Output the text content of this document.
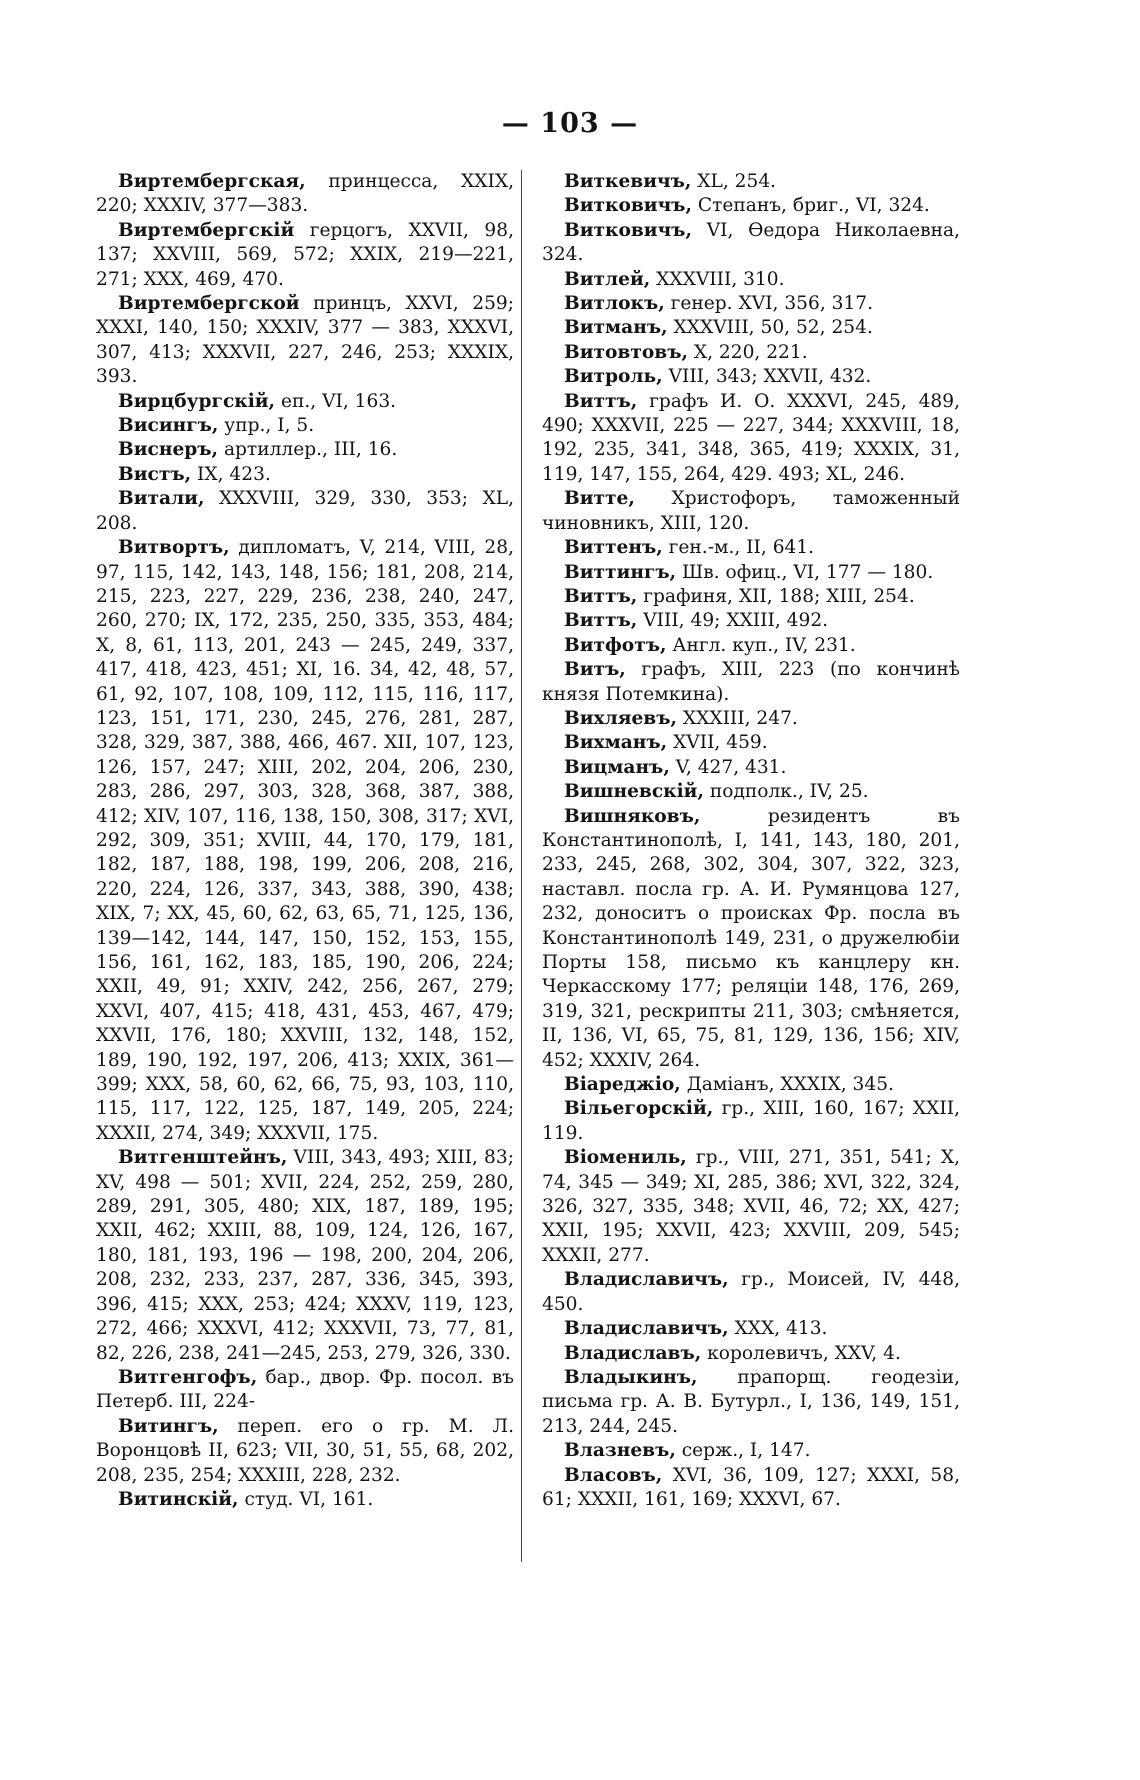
— 103 —

Виртембергская, принцесса, XXIX, 220; XXXIV, 377—383.

Виртембергскій герцогъ, XXVII, 98, 137; XXVIII, 569, 572; XXIX, 219—221, 271; XXX, 469, 470.

Виртембергской принцъ, XXVI, 259; XXXI, 140, 150; XXXIV, 377 — 383, XXXVI, 307, 413; XXXVII, 227, 246, 253; XXXIX, 393.

Вирцбургскій, еп., VI, 163.

Висингъ, упр., I, 5.

Виснеръ, артиллер., III, 16.

Вистъ, IX, 423.

Витали, XXXVIII, 329, 330, 353; XL, 208.

Витвортъ, дипломатъ, V, 214, VIII, 28, 97, 115, 142, 143, 148, 156; 181, 208, 214, 215, 223, 227, 229, 236, 238, 240, 247, 260, 270; IX, 172, 235, 250, 335, 353, 484; X, 8, 61, 113, 201, 243 — 245, 249, 337, 417, 418, 423, 451; XI, 16. 34, 42, 48, 57, 61, 92, 107, 108, 109, 112, 115, 116, 117, 123, 151, 171, 230, 245, 276, 281, 287, 328, 329, 387, 388, 466, 467. XII, 107, 123, 126, 157, 247; XIII, 202, 204, 206, 230, 283, 286, 297, 303, 328, 368, 387, 388, 412; XIV, 107, 116, 138, 150, 308, 317; XVI, 292, 309, 351; XVIII, 44, 170, 179, 181, 182, 187, 188, 198, 199, 206, 208, 216, 220, 224, 126, 337, 343, 388, 390, 438; XIX, 7; XX, 45, 60, 62, 63, 65, 71, 125, 136, 139—142, 144, 147, 150, 152, 153, 155, 156, 161, 162, 183, 185, 190, 206, 224; XXII, 49, 91; XXIV, 242, 256, 267, 279; XXVI, 407, 415; 418, 431, 453, 467, 479; XXVII, 176, 180; XXVIII, 132, 148, 152, 189, 190, 192, 197, 206, 413; XXIX, 361—399; XXX, 58, 60, 62, 66, 75, 93, 103, 110, 115, 117, 122, 125, 187, 149, 205, 224; XXXII, 274, 349; XXXVII, 175.

Витгенштейнъ, VIII, 343, 493; XIII, 83; XV, 498 — 501; XVII, 224, 252, 259, 280, 289, 291, 305, 480; XIX, 187, 189, 195; XXII, 462; XXIII, 88, 109, 124, 126, 167, 180, 181, 193, 196 — 198, 200, 204, 206, 208, 232, 233, 237, 287, 336, 345, 393, 396, 415; XXX, 253; 424; XXXV, 119, 123, 272, 466; XXXVI, 412; XXXVII, 73, 77, 81, 82, 226, 238, 241—245, 253, 279, 326, 330.

Витгенгофъ, бар., двор. Фр. посол. въ Петерб. III, 224-

Витингъ, переп. его о гр. М. Л. Воронцовѣ II, 623; VII, 30, 51, 55, 68, 202, 208, 235, 254; XXXIII, 228, 232.

Витинскій, студ. VI, 161.

Виткевичъ, XL, 254.

Витковичъ, Степанъ, бриг., VI, 324.

Витковичъ, VI, Ѳедора Николаевна, 324.

Витлей, XXXVIII, 310.

Витлокъ, генер. XVI, 356, 317.

Витманъ, XXXVIII, 50, 52, 254.

Витовтовъ, X, 220, 221.

Витроль, VIII, 343; XXVII, 432.

Виттъ, графъ И. О. XXXVI, 245, 489, 490; XXXVII, 225 — 227, 344; XXXVIII, 18, 192, 235, 341, 348, 365, 419; XXXIX, 31, 119, 147, 155, 264, 429. 493; XL, 246.

Витте, Христофоръ, таможенный чиновникъ, XIII, 120.

Виттенъ, ген.-м., II, 641.

Виттингъ, Шв. офиц., VI, 177 — 180.

Виттъ, графиня, XII, 188; XIII, 254.

Виттъ, VIII, 49; XXIII, 492.

Витфотъ, Англ. куп., IV, 231.

Витъ, графъ, XIII, 223 (по кончинѣ князя Потемкина).

Вихляевъ, XXXIII, 247.

Вихманъ, XVII, 459.

Вицманъ, V, 427, 431.

Вишневскій, подполк., IV, 25.

Вишняковъ,	резидентъ въ Константинополѣ, I, 141, 143, 180, 201, 233, 245, 268, 302, 304, 307, 322, 323, наставл. посла гр. А. И. Румянцова 127, 232, доноситъ о происках Фр. посла въ Константинополѣ 149, 231, о дружелюбіи Порты 158, письмо къ канцлеру кн. Черкасскому 177; реляціи 148, 176, 269, 319, 321, рескрипты 211, 303; смѣняется, II, 136, VI, 65, 75, 81, 129, 136, 156; XIV, 452; XXXIV, 264.

Віареджіо, Даміанъ, XXXIX, 345.

Вільегорскій, гр., XIII, 160, 167; XXII, 119.

Віомениль, гр., VIII, 271, 351, 541; X, 74, 345 — 349; XI, 285, 386; XVI, 322, 324, 326, 327, 335, 348; XVII, 46, 72; XX, 427; XXII, 195; XXVII, 423; XXVIII, 209, 545; XXXII, 277.

Владиславичъ, гр., Моисей, IV, 448, 450.

Владиславичъ, XXX, 413.

Владиславъ, королевичъ, XXV, 4.

Владыкинъ, прапорщ. геодезіи, письма гр. А. В. Бутурл., I, 136, 149, 151, 213, 244, 245.

Влазневъ, серж., I, 147.

Власовъ, XVI, 36, 109, 127; XXXI, 58, 61; XXXII, 161, 169; XXXVI, 67.
